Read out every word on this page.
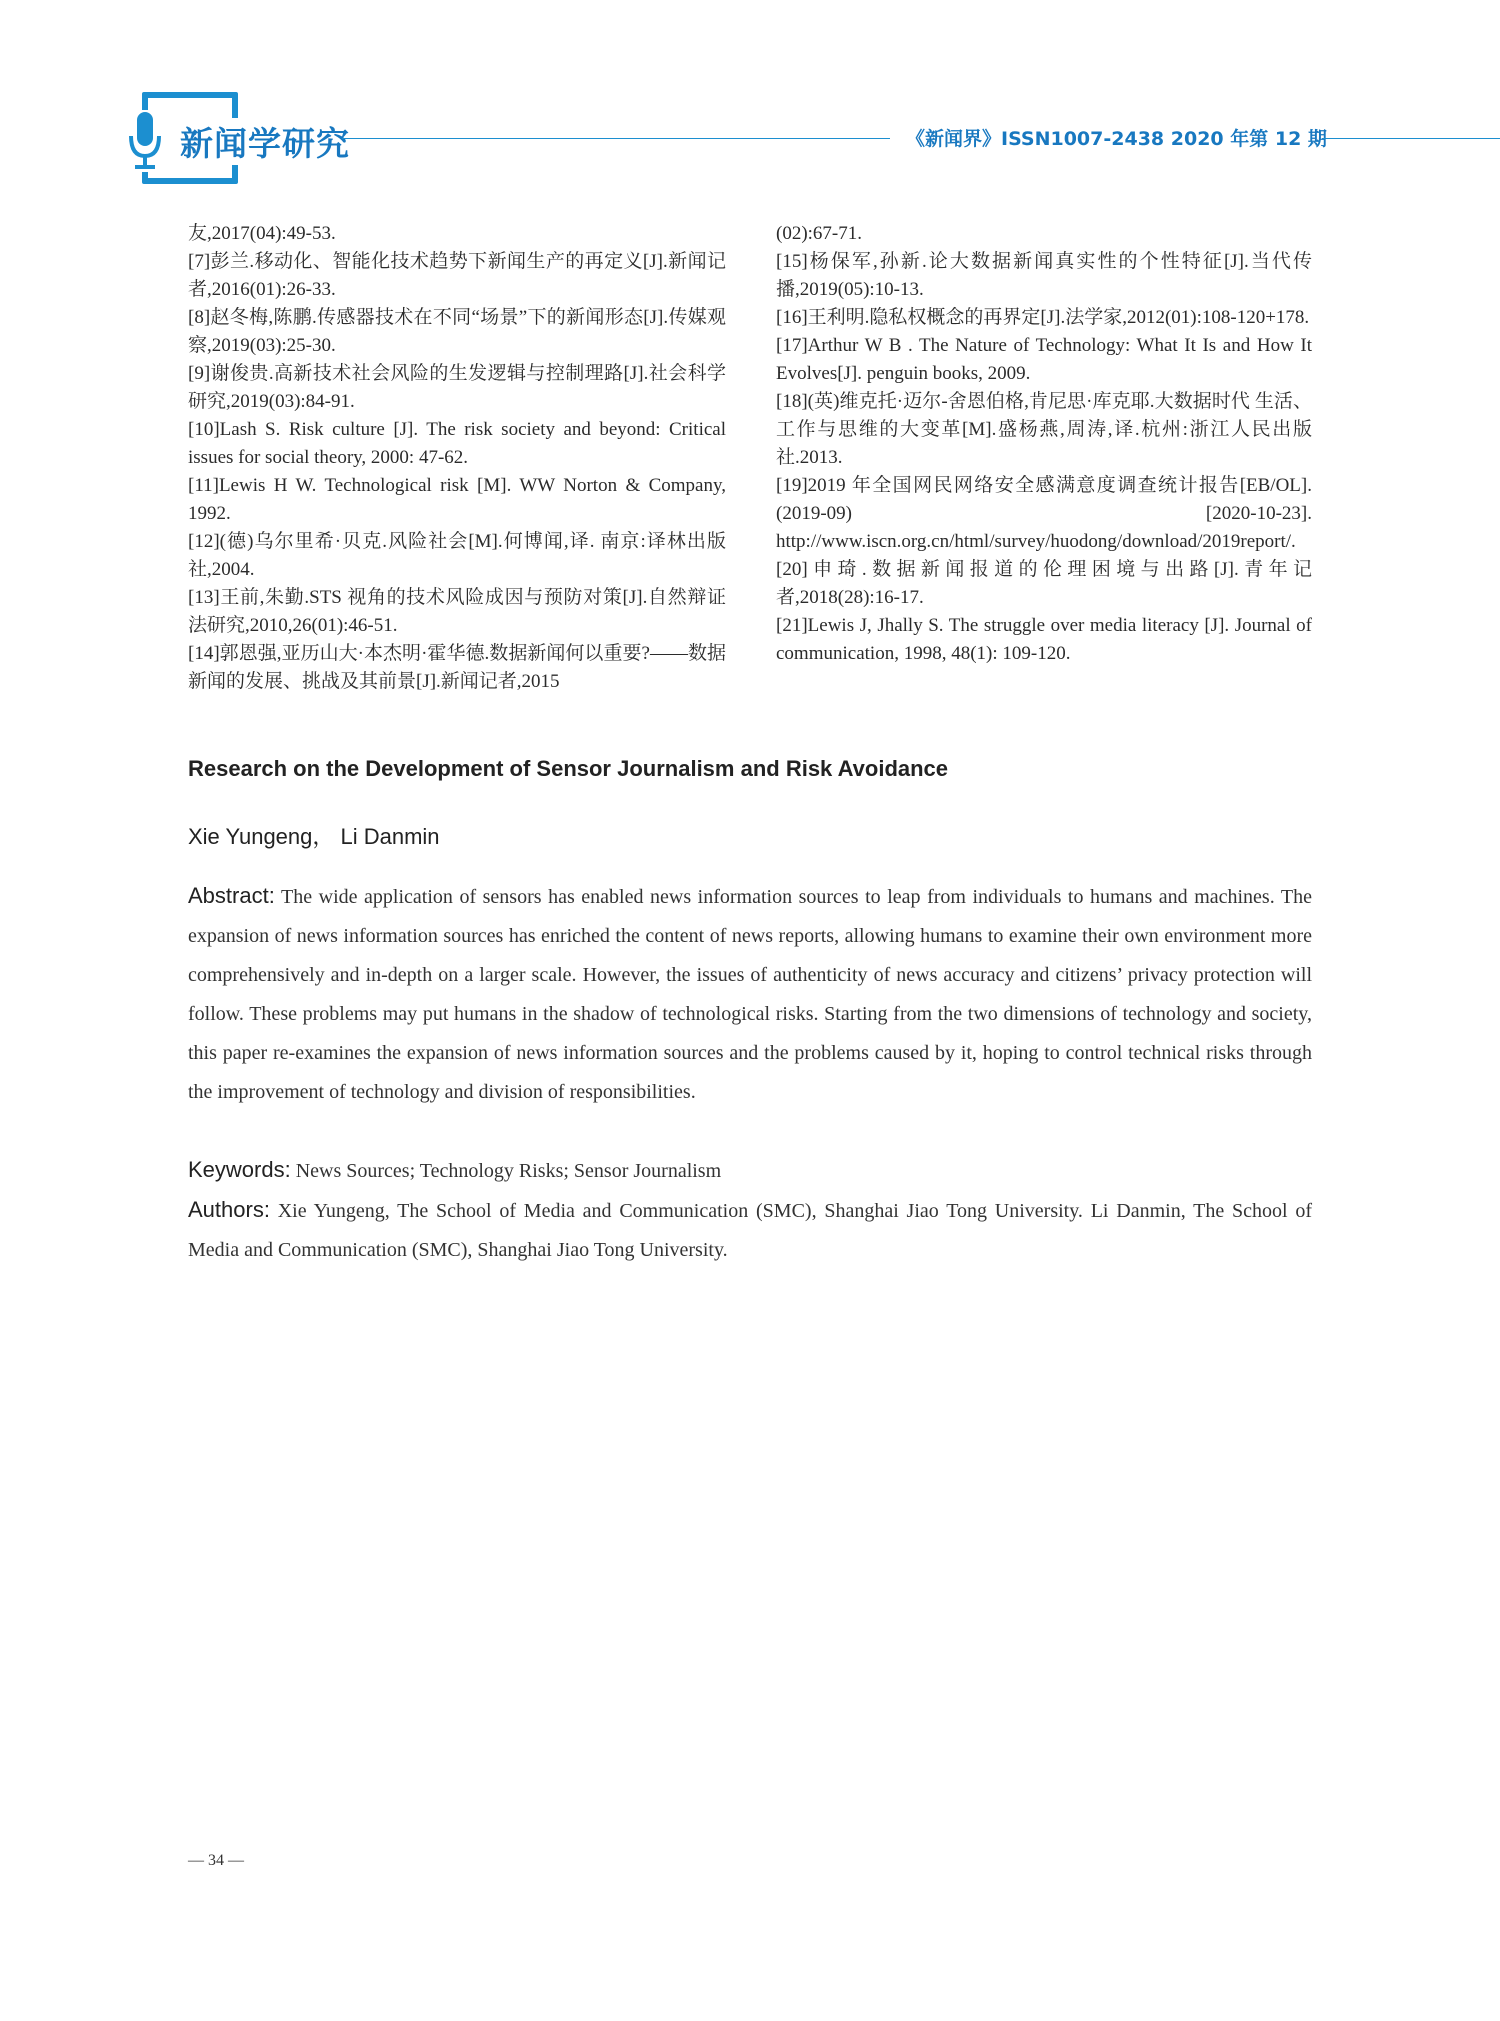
新闻学研究	《新闻界》ISSN1007-2438 2020 年第 12 期

友,2017(04):49-53.

[7]彭兰.移动化、智能化技术趋势下新闻生产的再定义[J].新闻记者,2016(01):26-33.

[8]赵冬梅,陈鹏.传感器技术在不同“场景”下的新闻形态[J].传媒观察,2019(03):25-30.

[9]谢俊贵.高新技术社会风险的生发逻辑与控制理路[J].社会科学研究,2019(03):84-91.

[10]Lash S. Risk culture [J]. The risk society and beyond: Critical issues for social theory, 2000: 47-62.

[11]Lewis H W. Technological risk [M]. WW Norton & Company, 1992.

[12](德)乌尔里希·贝克.风险社会[M].何博闻,译. 南京:译林出版社,2004.

[13]王前,朱勤.STS 视角的技术风险成因与预防对策[J].自然辩证法研究,2010,26(01):46-51.

[14]郭恩强,亚历山大·本杰明·霍华德.数据新闻何以重要?——数据新闻的发展、挑战及其前景[J].新闻记者,2015

(02):67-71.

[15]杨保军,孙新.论大数据新闻真实性的个性特征[J].当代传播,2019(05):10-13.

[16]王利明.隐私权概念的再界定[J].法学家,2012(01):108-120+178.

[17]Arthur W B . The Nature of Technology: What It Is and How It Evolves[J]. penguin books, 2009.

[18](英)维克托·迈尔-舍恩伯格,肯尼思·库克耶.大数据时代 生活、工作与思维的大变革[M].盛杨燕,周涛,译.杭州:浙江人民出版社.2013.

[19]2019 年全国网民网络安全感满意度调查统计报告[EB/OL].(2019-09) [2020-10-23]. http://www.iscn.org.cn/html/survey/huodong/download/2019report/.

[20]申琦.数据新闻报道的伦理困境与出路[J].青年记者,2018(28):16-17.

[21]Lewis J, Jhally S. The struggle over media literacy [J]. Journal of communication, 1998, 48(1): 109-120.

Research on the Development of Sensor Journalism and Risk Avoidance
Xie Yungeng， Li Danmin
Abstract: The wide application of sensors has enabled news information sources to leap from individuals to humans and machines. The expansion of news information sources has enriched the content of news reports, allowing humans to examine their own environment more comprehensively and in-depth on a larger scale. However, the issues of authenticity of news accuracy and citizens’ privacy protection will follow. These problems may put humans in the shadow of technological risks. Starting from the two dimensions of technology and society, this paper re-examines the expansion of news information sources and the problems caused by it, hoping to control technical risks through the improvement of technology and division of responsibilities.
Keywords: News Sources; Technology Risks; Sensor Journalism
Authors: Xie Yungeng, The School of Media and Communication (SMC), Shanghai Jiao Tong University. Li Danmin, The School of Media and Communication (SMC), Shanghai Jiao Tong University.
— 34 —
